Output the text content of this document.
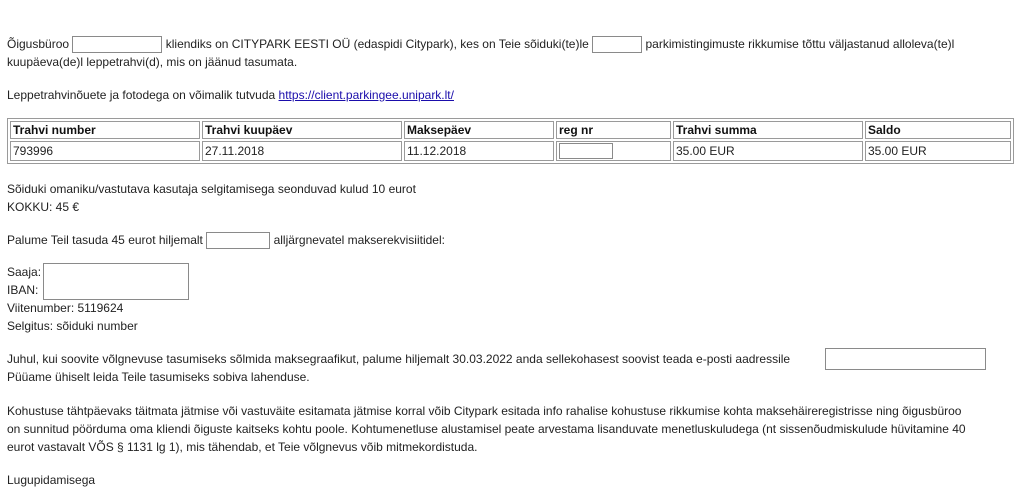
Õigusbüroo	kliendiks on CITYPARK EESTI OÜ (edaspidi Citypark), kes on Teie sõiduki(te)le	parkimistingimuste rikkumise tõttu väljastanud alloleva(te)l
kuupäeva(de)l leppetrahvi(d), mis on jäänud tasumata.
Leppetrahvinõuete ja fotodega on võimalik tutvuda https://client.parkingee.unipark.lt/
Trahvi number	Trahvi kuupäev	Maksepäev	reg nr	Trahvi summa	Saldo
793996	27.11.2018	11.12.2018		35.00 EUR	35.00 EUR
Sõiduki omaniku/vastutava kasutaja selgitamisega seonduvad kulud 10 eurot
KOKKU: 45 €
Palume Teil tasuda 45 eurot hiljemalt	alljärgnevatel makserekvisiitidel:
Saaja:
IBAN:
Viitenumber: 5119624
Selgitus: sõiduki number
Juhul, kui soovite võlgnevuse tasumiseks sõlmida maksegraafikut, palume hiljemalt 30.03.2022 anda sellekohasest soovist teada e-posti aadressile
Püüame ühiselt leida Teile tasumiseks sobiva lahenduse.
Kohustuse tähtpäevaks täitmata jätmise või vastuväite esitamata jätmise korral võib Citypark esitada info rahalise kohustuse rikkumise kohta maksehäireregistrisse ning õigusbüroo
on sunnitud pöörduma oma kliendi õiguste kaitseks kohtu poole. Kohtumenetluse alustamisel peate arvestama lisanduvate menetluskuludega (nt sissenõudmiskulude hüvitamine 40
eurot vastavalt VÕS § 1131 lg 1), mis tähendab, et Teie võlgnevus võib mitmekordistuda.
Lugupidamisega
